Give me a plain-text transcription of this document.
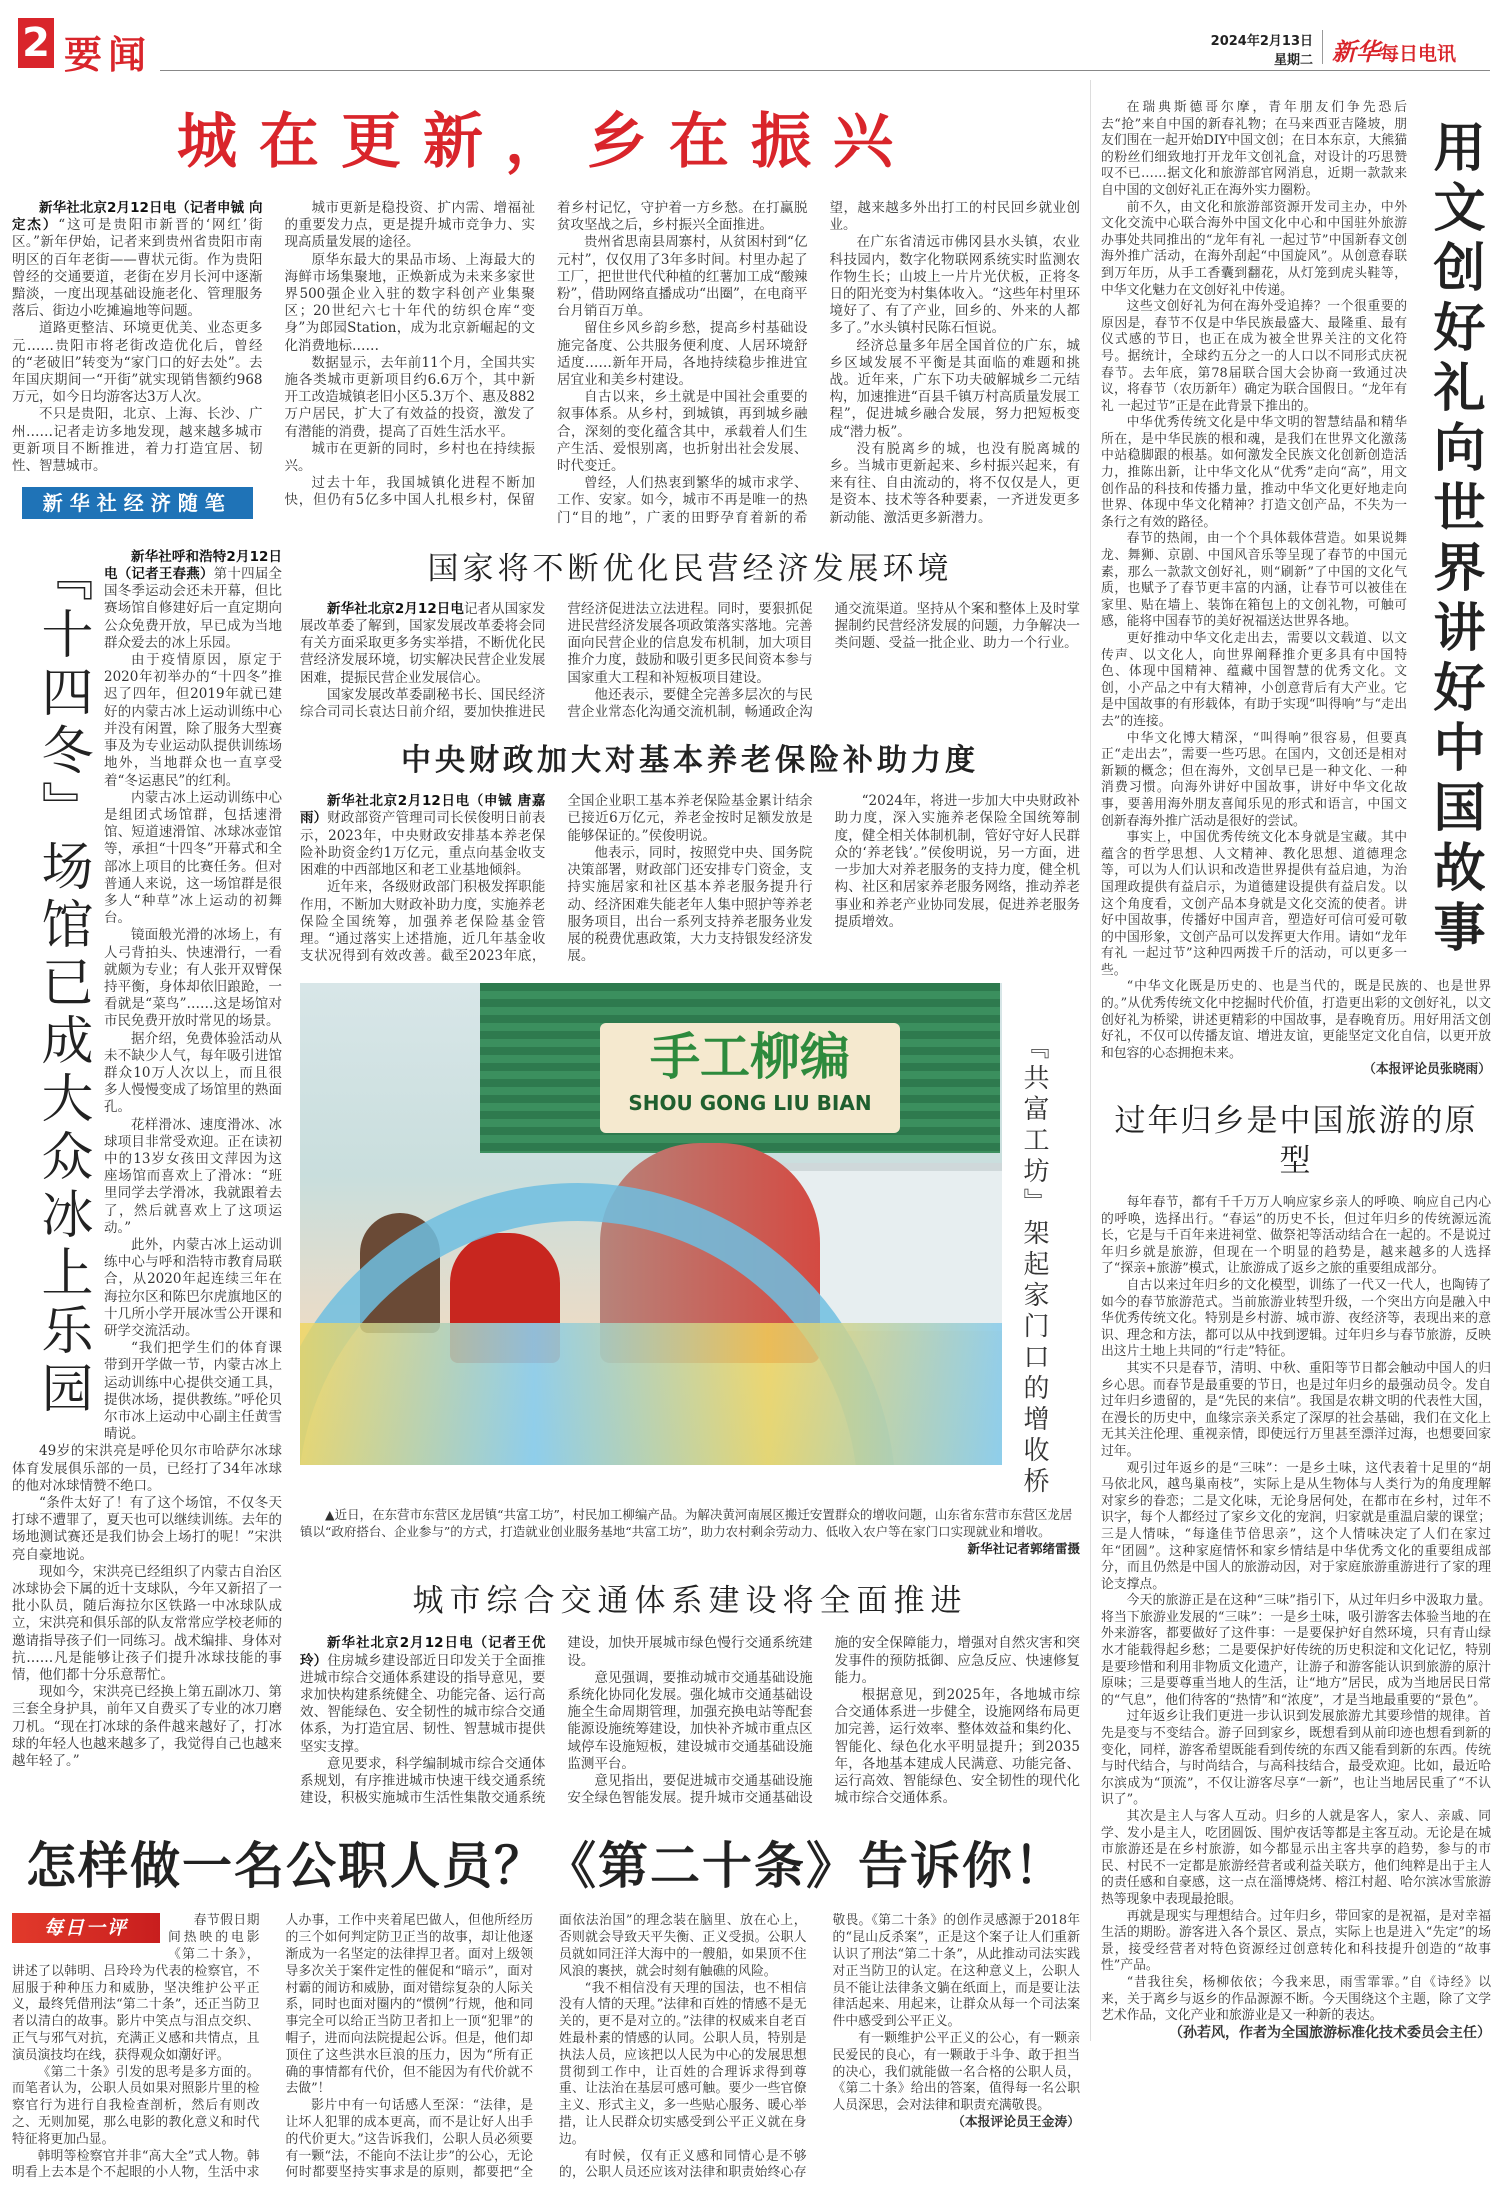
2 要闻	2024年2月13日
星期二 新华每日电讯
城在更新，乡在振兴

新华社北京2月12日电（记者申铖 向定杰）“这可是贵阳市新晋的‘网红’街区。”新年伊始，记者来到贵州省贵阳市南明区的百年老街——曹状元街。作为贵阳曾经的交通要道，老街在岁月长河中逐渐黯淡，一度出现基础设施老化、管理服务落后、街边小吃摊遍地等问题。

道路更整洁、环境更优美、业态更多元……贵阳市将老街改造优化后，曾经的“老破旧”转变为“家门口的好去处”。去年国庆期间一“开街”就实现销售额约968万元，如今日均游客达3万人次。

不只是贵阳，北京、上海、长沙、广州……记者走访多地发现，越来越多城市更新项目不断推进，着力打造宜居、韧性、智慧城市。

新华社经济随笔

城市更新是稳投资、扩内需、增福祉的重要发力点，更是提升城市竞争力、实现高质量发展的途径。

原华东最大的果品市场、上海最大的海鲜市场集聚地，正焕新成为未来多家世界500强企业入驻的数字科创产业集聚区；20世纪六七十年代的纺织仓库“变身”为郎园Station，成为北京新崛起的文化消费地标……

数据显示，去年前11个月，全国共实施各类城市更新项目约6.6万个，其中新开工改造城镇老旧小区5.3万个、惠及882万户居民，扩大了有效益的投资，激发了有潜能的消费，提高了百姓生活水平。

城市在更新的同时，乡村也在持续振兴。

过去十年，我国城镇化进程不断加快，但仍有5亿多中国人扎根乡村，保留着乡村记忆，守护着一方乡愁。在打赢脱贫攻坚战之后，乡村振兴全面推进。

贵州省思南县周寨村，从贫困村到“亿元村”，仅仅用了3年多时间。村里办起了工厂，把世世代代种植的红薯加工成“酸辣粉”，借助网络直播成功“出圈”，在电商平台月销百万单。

留住乡风乡韵乡愁，提高乡村基础设施完备度、公共服务便利度、人居环境舒适度……新年开局，各地持续稳步推进宜居宜业和美乡村建设。

自古以来，乡土就是中国社会重要的叙事体系。从乡村，到城镇，再到城乡融合，深刻的变化蕴含其中，承载着人们生产生活、爱恨别离，也折射出社会发展、时代变迁。

曾经，人们热衷到繁华的城市求学、工作、安家。如今，城市不再是唯一的热门“目的地”，广袤的田野孕育着新的希望，越来越多外出打工的村民回乡就业创业。

在广东省清远市佛冈县水头镇，农业科技园内，数字化物联网系统实时监测农作物生长；山坡上一片片光伏板，正将冬日的阳光变为村集体收入。“这些年村里环境好了、有了产业，回乡的、外来的人都多了。”水头镇村民陈石恒说。

经济总量多年居全国首位的广东，城乡区域发展不平衡是其面临的难题和挑战。近年来，广东下功夫破解城乡二元结构，加速推进“百县千镇万村高质量发展工程”，促进城乡融合发展，努力把短板变成“潜力板”。

没有脱离乡的城，也没有脱离城的乡。当城市更新起来、乡村振兴起来，有来有往、自由流动的，将不仅仅是人，更是资本、技术等各种要素，一齐迸发更多新动能、激活更多新潜力。

『十四冬』场馆已成大众冰上乐园	新华社呼和浩特2月12日电（记者王春燕）第十四届全国冬季运动会还未开幕，但比赛场馆自修建好后一直定期向公众免费开放，早已成为当地群众爱去的冰上乐园。

由于疫情原因，原定于2020年初举办的“十四冬”推迟了四年，但2019年就已建好的内蒙古冰上运动训练中心并没有闲置，除了服务大型赛事及为专业运动队提供训练场地外，当地群众也一直享受着“冬运惠民”的红利。

内蒙古冰上运动训练中心是组团式场馆群，包括速滑馆、短道速滑馆、冰球冰壶馆等，承担“十四冬”开幕式和全部冰上项目的比赛任务。但对普通人来说，这一场馆群是很多人“种草”冰上运动的初舞台。

镜面般光滑的冰场上，有人弓背拍头、快速滑行，一看就颇为专业；有人张开双臂保持平衡，身体却依旧踉跄，一看就是“菜鸟”……这是场馆对市民免费开放时常见的场景。

据介绍，免费体验活动从未不缺少人气，每年吸引进馆群众10万人次以上，而且很多人慢慢变成了场馆里的熟面孔。

花样滑冰、速度滑冰、冰球项目非常受欢迎。正在读初中的13岁女孩田文萍因为这座场馆而喜欢上了滑冰：“班里同学去学滑冰，我就跟着去了，然后就喜欢上了这项运动。”

此外，内蒙古冰上运动训练中心与呼和浩特市教育局联合，从2020年起连续三年在海拉尔区和陈巴尔虎旗地区的十几所小学开展冰雪公开课和研学交流活动。

“我们把学生们的体育课带到开学做一节，内蒙古冰上运动训练中心提供交通工具，提供冰场，提供教练。”呼伦贝尔市冰上运动中心副主任黄雪晴说。

49岁的宋洪亮是呼伦贝尔市哈萨尔冰球体育发展俱乐部的一员，已经打了34年冰球的他对冰球情赞不绝口。

“条件太好了！有了这个场馆，不仅冬天打球不遭罪了，夏天也可以继续训练。去年的场地测试赛还是我们协会上场打的呢！”宋洪亮自豪地说。

现如今，宋洪亮已经组织了内蒙古自治区冰球协会下属的近十支球队，今年又新招了一批小队员，随后海拉尔区铁路一中冰球队成立，宋洪亮和俱乐部的队友常常应学校老师的邀请指导孩子们一同练习。战术编排、身体对抗……凡是能够让孩子们提升冰球技能的事情，他们都十分乐意帮忙。

现如今，宋洪亮已经换上第五副冰刀、第三套全身护具，前年又自费买了专业的冰刀磨刀机。“现在打冰球的条件越来越好了，打冰球的年轻人也越来越多了，我觉得自己也越来越年轻了。”

国家将不断优化民营经济发展环境

新华社北京2月12日电记者从国家发展改革委了解到，国家发展改革委将会同有关方面采取更多务实举措，不断优化民营经济发展环境，切实解决民营企业发展困难，提振民营企业发展信心。

国家发展改革委副秘书长、国民经济综合司司长袁达日前介绍，要加快推进民营经济促进法立法进程。同时，要狠抓促进民营经济发展各项政策落实落地。完善面向民营企业的信息发布机制，加大项目推介力度，鼓励和吸引更多民间资本参与国家重大工程和补短板项目建设。

他还表示，要健全完善多层次的与民营企业常态化沟通交流机制，畅通政企沟通交流渠道。坚持从个案和整体上及时掌握制约民营经济发展的问题，力争解决一类问题、受益一批企业、助力一个行业。

中央财政加大对基本养老保险补助力度

新华社北京2月12日电（申铖 唐嘉雨）财政部资产管理司司长侯俊明日前表示，2023年，中央财政安排基本养老保险补助资金约1万亿元，重点向基金收支困难的中西部地区和老工业基地倾斜。

近年来，各级财政部门积极发挥职能作用，不断加大财政补助力度，实施养老保险全国统筹，加强养老保险基金管理。“通过落实上述措施，近几年基金收支状况得到有效改善。截至2023年底，全国企业职工基本养老保险基金累计结余已接近6万亿元，养老金按时足额发放是能够保证的。”侯俊明说。

他表示，同时，按照党中央、国务院决策部署，财政部门还安排专门资金，支持实施居家和社区基本养老服务提升行动、经济困难失能老年人集中照护等养老服务项目，出台一系列支持养老服务业发展的税费优惠政策，大力支持银发经济发展。

“2024年，将进一步加大中央财政补助力度，深入实施养老保险全国统筹制度，健全相关体制机制，管好守好人民群众的‘养老钱’。”侯俊明说，另一方面，进一步加大对养老服务的支持力度，健全机构、社区和居家养老服务网络，推动养老事业和养老产业协同发展，促进养老服务提质增效。

手工柳编
SHOU GONG LIU BIAN	『共富工坊』架起家门口的增收桥
▲近日，在东营市东营区龙居镇“共富工坊”，村民加工柳编产品。为解决黄河南展区搬迁安置群众的增收问题，山东省东营市东营区龙居镇以“政府搭台、企业参与”的方式，打造就业创业服务基地“共富工坊”，助力农村剩余劳动力、低收入农户等在家门口实现就业和增收。
新华社记者郭绪雷摄
城市综合交通体系建设将全面推进

新华社北京2月12日电（记者王优玲）住房城乡建设部近日印发关于全面推进城市综合交通体系建设的指导意见，要求加快构建系统健全、功能完备、运行高效、智能绿色、安全韧性的城市综合交通体系，为打造宜居、韧性、智慧城市提供坚实支撑。

意见要求，科学编制城市综合交通体系规划，有序推进城市快速干线交通系统建设，积极实施城市生活性集散交通系统建设，加快开展城市绿色慢行交通系统建设。

意见强调，要推动城市交通基础设施系统化协同化发展。强化城市交通基础设施全生命周期管理，加强充换电站等配套能源设施统筹建设，加快补齐城市重点区域停车设施短板，建设城市交通基础设施监测平台。

意见指出，要促进城市交通基础设施安全绿色智能发展。提升城市交通基础设施的安全保障能力，增强对自然灾害和突发事件的预防抵御、应急反应、快速修复能力。

根据意见，到2025年，各地城市综合交通体系进一步健全，设施网络布局更加完善，运行效率、整体效益和集约化、智能化、绿色化水平明显提升；到2035年，各地基本建成人民满意、功能完备、运行高效、智能绿色、安全韧性的现代化城市综合交通体系。

怎样做一名公职人员？《第二十条》告诉你！
每日一评	春节假日期间热映的电影《第二十条》，讲述了以韩明、吕玲玲为代表的检察官，不屈服于种种压力和威胁，坚决维护公平正义，最终凭借刑法“第二十条”，还正当防卫者以清白的故事。影片中笑点与泪点交织、正气与邪气对抗，充满正义感和共情点，且演员演技均在线，获得观众如潮好评。

《第二十条》引发的思考是多方面的。而笔者认为，公职人员如果对照影片里的检察官行为进行自我检查剖析，然后有则改之、无则加冕，那么电影的教化意义和时代特征将更加凸显。

韩明等检察官并非“高大全”式人物。韩明看上去本是个不起眼的小人物，生活中求人办事，工作中夹着尾巴做人，但他所经历的三个如何判定防卫正当的故事，却让他逐渐成为一名坚定的法律捍卫者。面对上级领导多次关于案件定性的催促和“暗示”，面对村霸的闹访和威胁，面对错综复杂的人际关系，同时也面对圈内的“惯例”行规，他和同事完全可以给正当防卫者扣上一顶“犯罪”的帽子，进而向法院提起公诉。但是，他们却顶住了这些洪水巨浪的压力，因为“所有正确的事情都有代价，但不能因为有代价就不去做”！

影片中有一句话感人至深：“法律，是让坏人犯罪的成本更高，而不是让好人出手的代价更大。”这告诉我们，公职人员必须要有一颗“法，不能向不法让步”的公心，无论何时都要坚持实事求是的原则，都要把“全面依法治国”的理念装在脑里、放在心上，否则就会导致天平失衡、正义受损。公职人员就如同汪洋大海中的一艘船，如果顶不住风浪的裹挟，就会时刻有触礁的风险。

“我不相信没有天理的国法，也不相信没有人情的天理。”法律和百姓的情感不是无关的，更不是对立的。”法律的权威来自老百姓最朴素的情感的认同。公职人员，特别是执法人员，应该把以人民为中心的发展思想贯彻到工作中，让百姓的合理诉求得到尊重、让法治在基层可感可触。要少一些官僚主义、形式主义，多一些贴心服务、暖心举措，让人民群众切实感受到公平正义就在身边。

有时候，仅有正义感和同情心是不够的，公职人员还应该对法律和职责始终心存敬畏。《第二十条》的创作灵感源于2018年的“昆山反杀案”，正是这个案子让人们重新认识了刑法“第二十条”，从此推动司法实践对正当防卫的认定。在这种意义上，公职人员不能让法律条文躺在纸面上，而是要让法律活起来、用起来，让群众从每一个司法案件中感受到公平正义。

有一颗维护公平正义的公心，有一颗亲民爱民的良心，有一颗敢于斗争、敢于担当的决心，我们就能做一名合格的公职人员，《第二十条》给出的答案，值得每一名公职人员深思，会对法律和职责充满敬畏。

（本报评论员王金涛）
用文创好礼向世界讲好中国故事

在瑞典斯德哥尔摩，青年朋友们争先恐后去“抢”来自中国的新春礼物；在马来西亚吉隆坡，朋友们围在一起开始DIY中国文创；在日本东京，大熊猫的粉丝们细致地打开龙年文创礼盒，对设计的巧思赞叹不已……据文化和旅游部官网消息，近期一款款来自中国的文创好礼正在海外实力圈粉。

前不久，由文化和旅游部资源开发司主办，中外文化交流中心联合海外中国文化中心和中国驻外旅游办事处共同推出的“龙年有礼 一起过节”中国新春文创海外推广活动，在海外刮起“中国旋风”。从创意春联到万年历，从手工香囊到翻花，从灯笼到虎头鞋等，中华文化魅力在文创好礼中传递。

这些文创好礼为何在海外受追捧？一个很重要的原因是，春节不仅是中华民族最盛大、最隆重、最有仪式感的节日，也正在成为被全世界关注的文化符号。据统计，全球约五分之一的人口以不同形式庆祝春节。去年底，第78届联合国大会协商一致通过决议，将春节（农历新年）确定为联合国假日。“龙年有礼 一起过节”正是在此背景下推出的。

中华优秀传统文化是中华文明的智慧结晶和精华所在，是中华民族的根和魂，是我们在世界文化激荡中站稳脚跟的根基。如何激发全民族文化创新创造活力，推陈出新，让中华文化从“优秀”走向“高”，用文创作品的科技和传播力量，推动中华文化更好地走向世界、体现中华文化精神？打造文创产品，不失为一条行之有效的路径。

春节的热闹，由一个个具体载体营造。如果说舞龙、舞狮、京剧、中国风音乐等呈现了春节的中国元素，那么一款款文创好礼，则“刷新”了中国的文化气质，也赋予了春节更丰富的内涵，让春节可以被佳在家里、贴在墙上、装饰在箱包上的文创礼物，可触可感，能将中国春节的美好祝福送达世界各地。

更好推动中华文化走出去，需要以文载道、以文传声、以文化人，向世界阐释推介更多具有中国特色、体现中国精神、蕴藏中国智慧的优秀文化。文创，小产品之中有大精神，小创意背后有大产业。它是中国故事的有形载体，有助于实现“叫得响”与“走出去”的连接。

中华文化博大精深，“叫得响”很容易，但要真正“走出去”，需要一些巧思。在国内，文创还是相对新颖的概念；但在海外，文创早已是一种文化、一种消费习惯。向海外讲好中国故事，讲好中华文化故事，要善用海外朋友喜闻乐见的形式和语言，中国文创新春海外推广活动是很好的尝试。

事实上，中国优秀传统文化本身就是宝藏。其中蕴含的哲学思想、人文精神、教化思想、道德理念等，可以为人们认识和改造世界提供有益启迪，为治国理政提供有益启示，为道德建设提供有益启发。以这个角度看，文创产品本身就是文化交流的使者。讲好中国故事，传播好中国声音，塑造好可信可爱可敬的中国形象，文创产品可以发挥更大作用。请如“龙年有礼 一起过节”这种四两拨千斤的活动，可以更多一些。

“中华文化既是历史的、也是当代的，既是民族的、也是世界的。”从优秀传统文化中挖掘时代价值，打造更出彩的文创好礼，以文创好礼为桥梁，讲述更精彩的中国故事，是春晚育历。用好用活文创好礼，不仅可以传播友谊、增进友谊，更能坚定文化自信，以更开放和包容的心态拥抱未来。

（本报评论员张晓雨）
过年归乡是中国旅游的原型

每年春节，都有千千万万人响应家乡亲人的呼唤、响应自己内心的呼唤，选择出行。“春运”的历史不长，但过年归乡的传统源远流长，它是与千百年来进祠堂、做祭祀等活动结合在一起的。不是说过年归乡就是旅游，但现在一个明显的趋势是，越来越多的人选择了“探亲+旅游”模式，让旅游成了返乡之旅的重要组成部分。

自古以来过年归乡的文化模型，训练了一代又一代人，也陶铸了如今的春节旅游范式。当前旅游业转型升级，一个突出方向是融入中华优秀传统文化。特别是乡村游、城市游、夜经济等，表现出来的意识、理念和方法，都可以从中找到逻辑。过年归乡与春节旅游，反映出这片土地上共同的“行走”特征。

其实不只是春节，清明、中秋、重阳等节日都会触动中国人的归乡心思。而春节是最重要的节日，也是过年归乡的最强动员令。发自过年归乡遗留的，是“先民的来信”。我国是农耕文明的代表性大国，在漫长的历史中，血缘宗亲关系定了深厚的社会基础，我们在文化上无其关注伦理、重视亲情，即使远行万里甚至漂洋过海，也想要回家过年。

观引过年返乡的是“三味”：一是乡土味，这代表着十足里的“胡马依北风，越鸟巢南枝”，实际上是从生物体与人类行为的角度理解对家乡的眷恋；二是文化味，无论身居何处，在都市在乡村，过年不识字，每个人都经过了家乡文化的宠润，归家就是重温启蒙的课堂；三是人情味，“每逢佳节倍思亲”，这个人情味决定了人们在家过年“团圆”。这种家庭情怀和家乡情结是中华优秀文化的重要组成部分，而且仍然是中国人的旅游动因，对于家庭旅游重游进行了家的理论支撑点。

今天的旅游正是在这种“三味”指引下，从过年归乡中汲取力量。将当下旅游业发展的“三味”：一是乡土味，吸引游客去体验当地的在外来游客，都要做好了这件事：一是要保护好自然环境，只有青山绿水才能载得起乡愁；二是要保护好传统的历史积淀和文化记忆，特别是要珍惜和利用非物质文化遗产，让游子和游客能认识到旅游的原汁原味；三是要尊重当地人的生活，让“地方”居民，成为当地居民日常的“气息”，他们待客的“热情”和“浓度”，才是当地最重要的“景色”。

过年返乡让我们更进一步认识到发展旅游尤其要珍惜的规律。首先是变与不变结合。游子回到家乡，既想看到从前印迹也想看到新的变化，同样，游客希望既能看到传统的东西又能看到新的东西。传统与时代结合，与时尚结合，与高科技结合，最受欢迎。比如，最近哈尔滨成为“顶流”，不仅让游客尽享“一新”，也让当地居民重了“不认识了”。

其次是主人与客人互动。归乡的人就是客人，家人、亲戚、同学、发小是主人，吃团圆饭、围炉夜话等都是主客互动。无论是在城市旅游还是在乡村旅游，如今都显示出主客共享的趋势，参与的市民、村民不一定都是旅游经营者或利益关联方，他们纯粹是出于主人的责任感和自豪感，这一点在淄博烧烤、榕江村超、哈尔滨冰雪旅游热等现象中表现最抢眼。

再就是现实与理想结合。过年归乡，带回家的是祝福，是对幸福生活的期盼。游客进入各个景区、景点，实际上也是进入“先定”的场景，接受经营者对特色资源经过创意转化和科技提升创造的“故事性”产品。

“昔我往矣，杨柳依依；今我来思，雨雪霏霏。”自《诗经》以来，关于离乡与返乡的作品源源不断。今天围绕这个主题，除了文学艺术作品，文化产业和旅游业是又一种新的表达。

（孙若风，作者为全国旅游标准化技术委员会主任）
